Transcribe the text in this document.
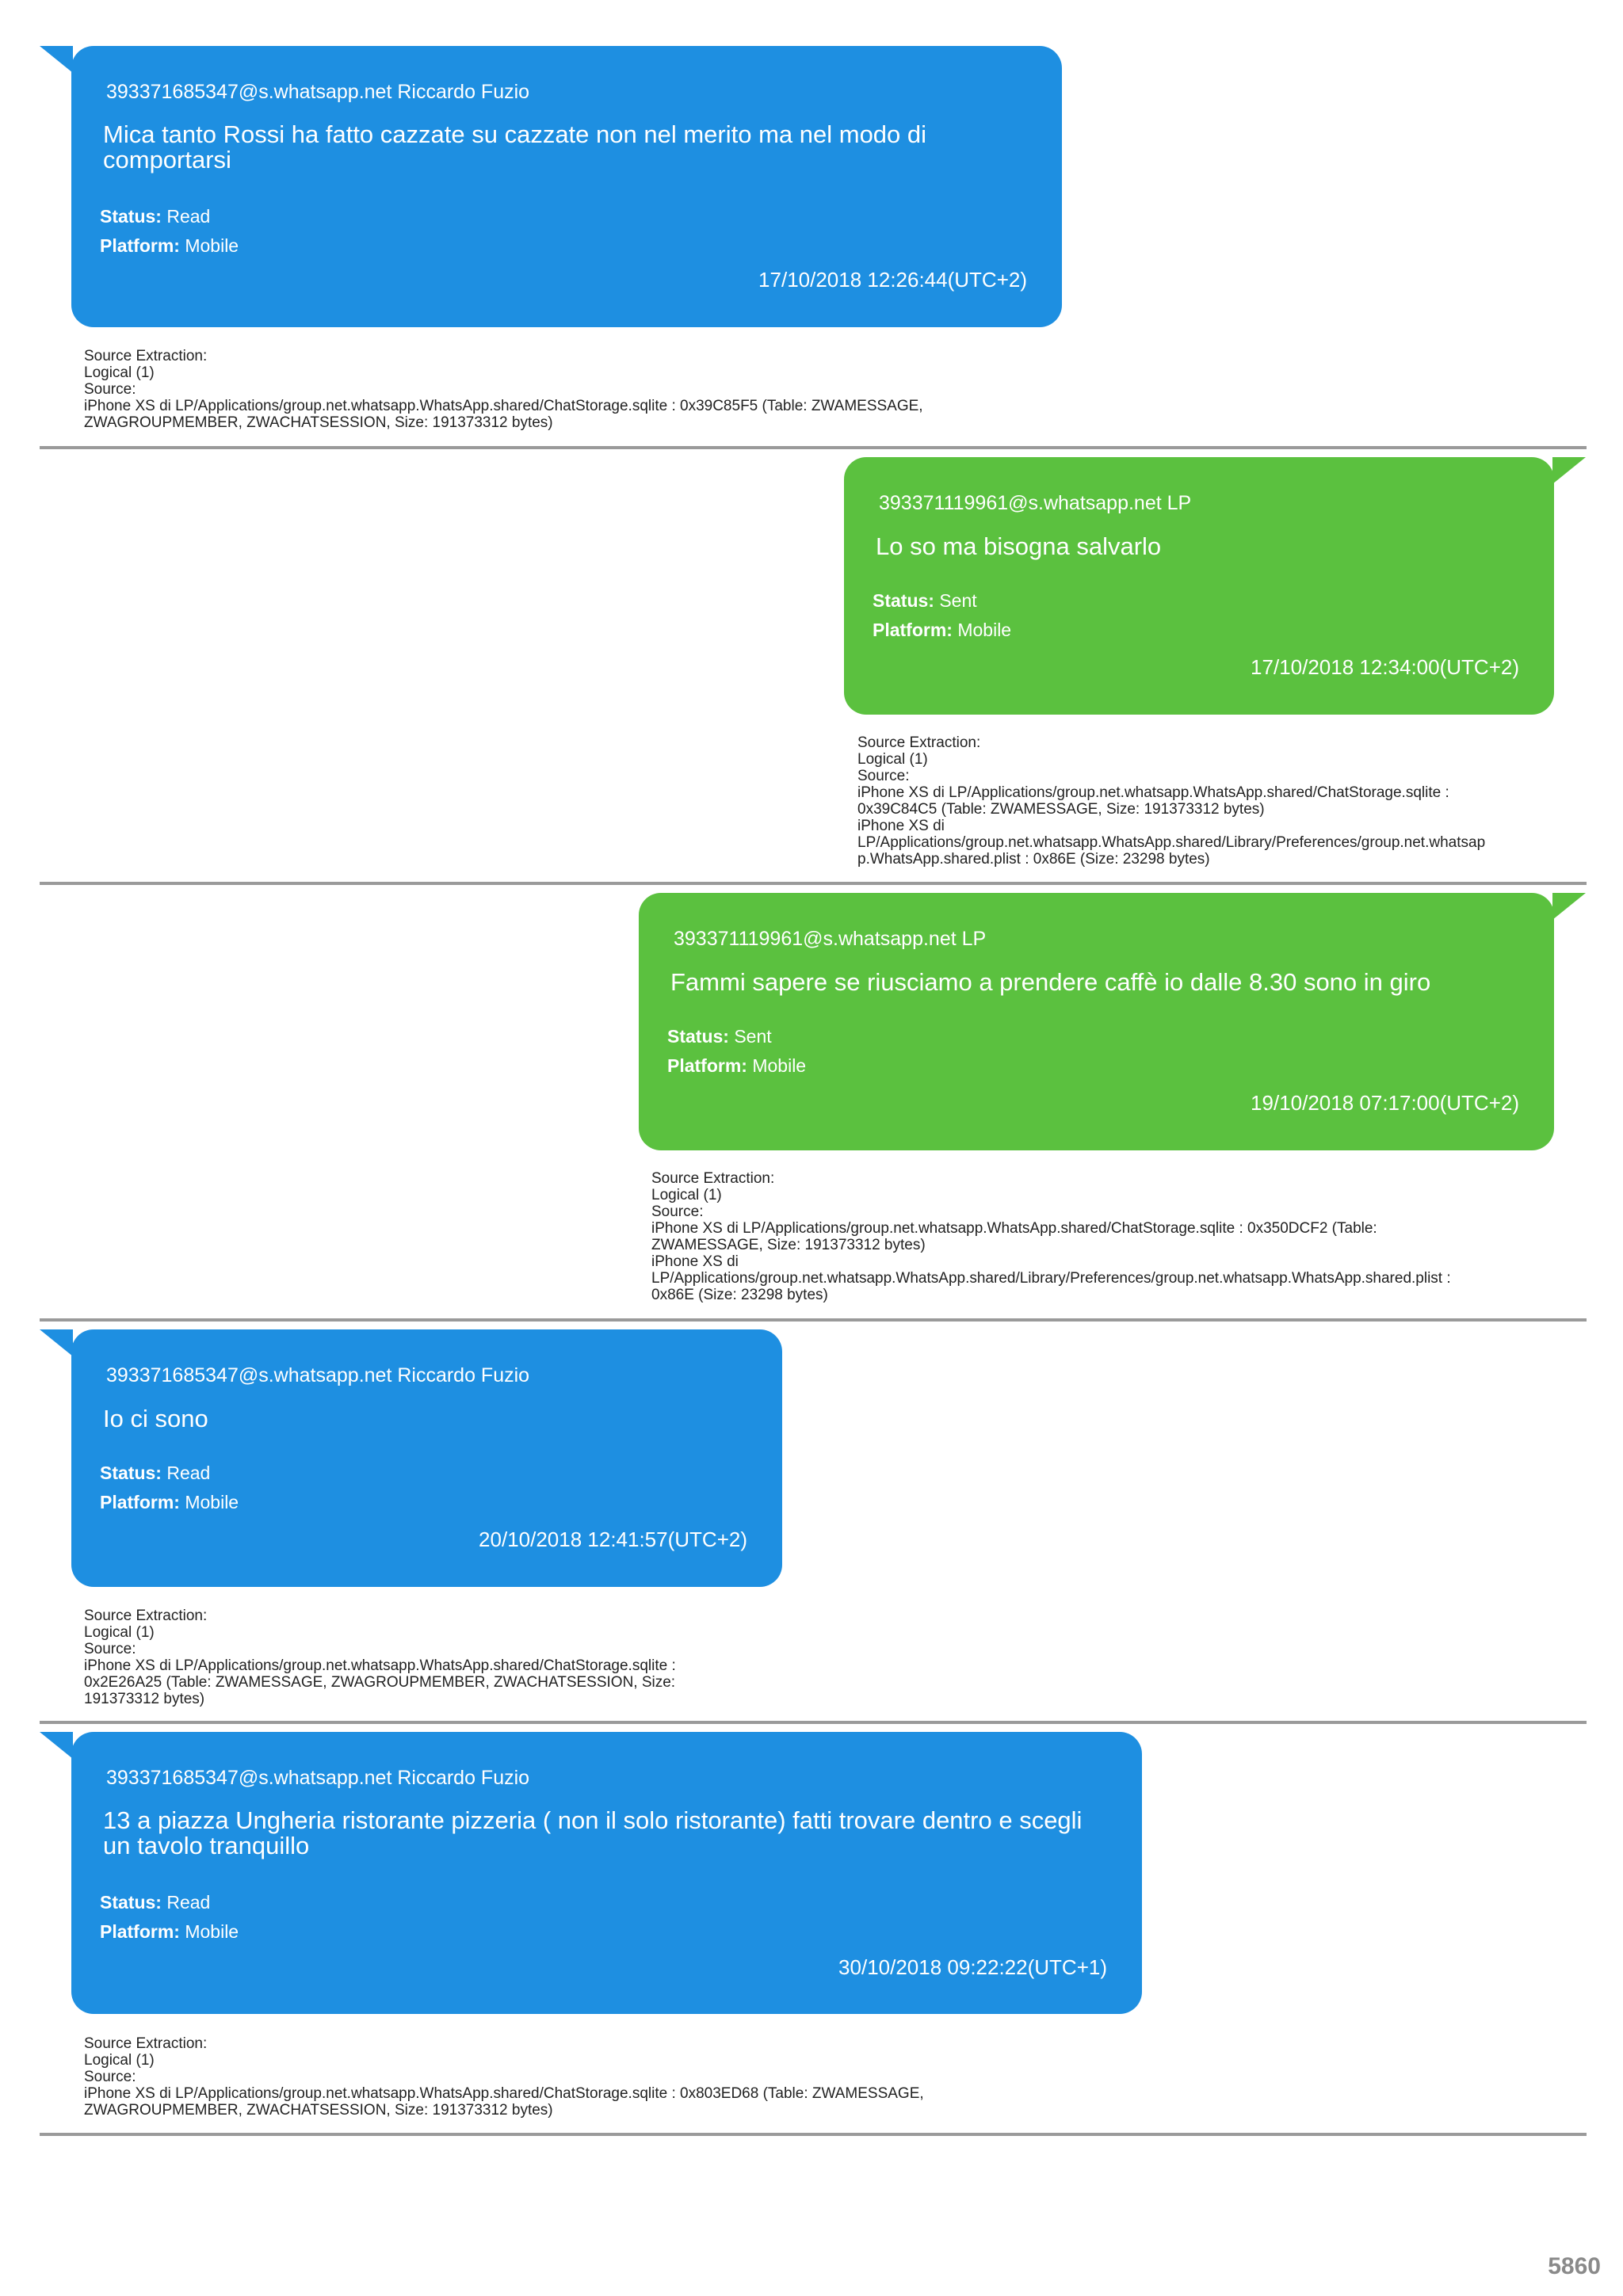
393371685347@s.whatsapp.net Riccardo Fuzio
Mica tanto Rossi ha fatto cazzate su cazzate non nel merito ma nel modo di
comportarsi
Status: Read
Platform: Mobile
17/10/2018 12:26:44(UTC+2)
Source Extraction:
Logical (1)
Source:
iPhone XS di LP/Applications/group.net.whatsapp.WhatsApp.shared/ChatStorage.sqlite : 0x39C85F5 (Table: ZWAMESSAGE,
ZWAGROUPMEMBER, ZWACHATSESSION, Size: 191373312 bytes)
393371119961@s.whatsapp.net LP
Lo so ma bisogna salvarlo
Status: Sent
Platform: Mobile
17/10/2018 12:34:00(UTC+2)
Source Extraction:
Logical (1)
Source:
iPhone XS di LP/Applications/group.net.whatsapp.WhatsApp.shared/ChatStorage.sqlite :
0x39C84C5 (Table: ZWAMESSAGE, Size: 191373312 bytes)
iPhone XS di
LP/Applications/group.net.whatsapp.WhatsApp.shared/Library/Preferences/group.net.whatsap
p.WhatsApp.shared.plist : 0x86E (Size: 23298 bytes)
393371119961@s.whatsapp.net LP
Fammi sapere se riusciamo a prendere caffè io dalle 8.30 sono in giro
Status: Sent
Platform: Mobile
19/10/2018 07:17:00(UTC+2)
Source Extraction:
Logical (1)
Source:
iPhone XS di LP/Applications/group.net.whatsapp.WhatsApp.shared/ChatStorage.sqlite : 0x350DCF2 (Table:
ZWAMESSAGE, Size: 191373312 bytes)
iPhone XS di
LP/Applications/group.net.whatsapp.WhatsApp.shared/Library/Preferences/group.net.whatsapp.WhatsApp.shared.plist :
0x86E (Size: 23298 bytes)
393371685347@s.whatsapp.net Riccardo Fuzio
Io ci sono
Status: Read
Platform: Mobile
20/10/2018 12:41:57(UTC+2)
Source Extraction:
Logical (1)
Source:
iPhone XS di LP/Applications/group.net.whatsapp.WhatsApp.shared/ChatStorage.sqlite :
0x2E26A25 (Table: ZWAMESSAGE, ZWAGROUPMEMBER, ZWACHATSESSION, Size:
191373312 bytes)
393371685347@s.whatsapp.net Riccardo Fuzio
13 a piazza Ungheria ristorante pizzeria ( non il solo ristorante) fatti trovare dentro e scegli
un tavolo tranquillo
Status: Read
Platform: Mobile
30/10/2018 09:22:22(UTC+1)
Source Extraction:
Logical (1)
Source:
iPhone XS di LP/Applications/group.net.whatsapp.WhatsApp.shared/ChatStorage.sqlite : 0x803ED68 (Table: ZWAMESSAGE,
ZWAGROUPMEMBER, ZWACHATSESSION, Size: 191373312 bytes)
5860
